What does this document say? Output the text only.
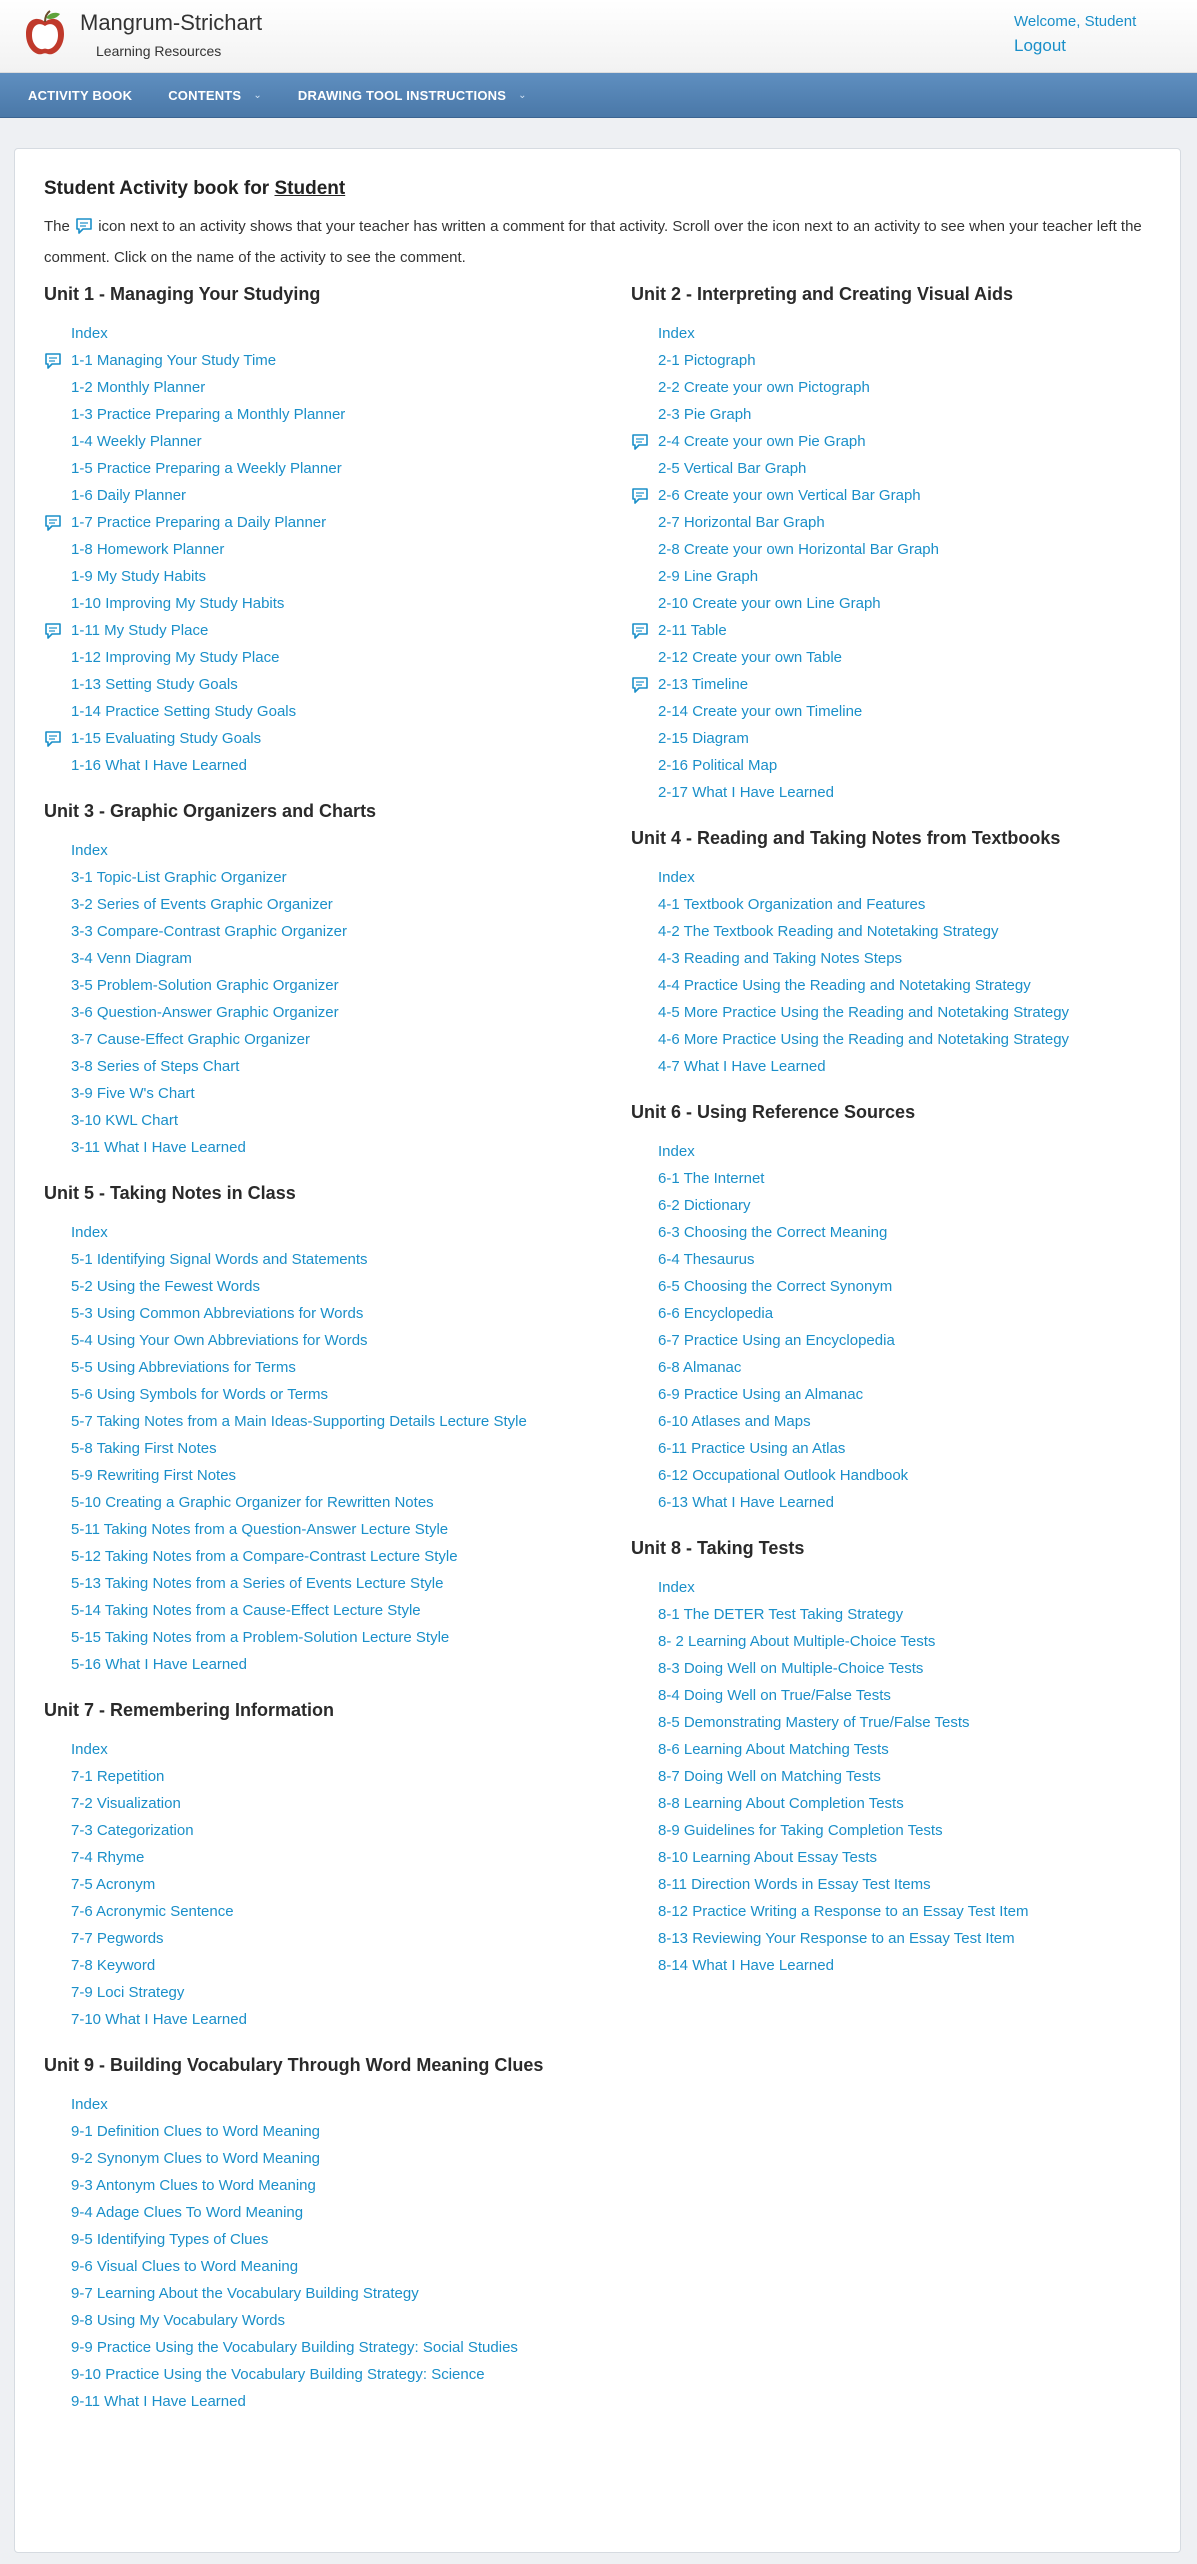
Mangrum-Strichart
Learning Resources
Welcome, Student
Logout
ACTIVITY BOOK	CONTENTS ⌄	DRAWING TOOL INSTRUCTIONS ⌄
Student Activity book for Student
The icon next to an activity shows that your teacher has written a comment for that activity. Scroll over the icon next to an activity to see when your teacher left the comment. Click on the name of the activity to see the comment.
Unit 1 - Managing Your Studying
Index
1-1 Managing Your Study Time
1-2 Monthly Planner
1-3 Practice Preparing a Monthly Planner
1-4 Weekly Planner
1-5 Practice Preparing a Weekly Planner
1-6 Daily Planner
1-7 Practice Preparing a Daily Planner
1-8 Homework Planner
1-9 My Study Habits
1-10 Improving My Study Habits
1-11 My Study Place
1-12 Improving My Study Place
1-13 Setting Study Goals
1-14 Practice Setting Study Goals
1-15 Evaluating Study Goals
1-16 What I Have Learned
Unit 3 - Graphic Organizers and Charts
Index
3-1 Topic-List Graphic Organizer
3-2 Series of Events Graphic Organizer
3-3 Compare-Contrast Graphic Organizer
3-4 Venn Diagram
3-5 Problem-Solution Graphic Organizer
3-6 Question-Answer Graphic Organizer
3-7 Cause-Effect Graphic Organizer
3-8 Series of Steps Chart
3-9 Five W's Chart
3-10 KWL Chart
3-11 What I Have Learned
Unit 5 - Taking Notes in Class
Index
5-1 Identifying Signal Words and Statements
5-2 Using the Fewest Words
5-3 Using Common Abbreviations for Words
5-4 Using Your Own Abbreviations for Words
5-5 Using Abbreviations for Terms
5-6 Using Symbols for Words or Terms
5-7 Taking Notes from a Main Ideas-Supporting Details Lecture Style
5-8 Taking First Notes
5-9 Rewriting First Notes
5-10 Creating a Graphic Organizer for Rewritten Notes
5-11 Taking Notes from a Question-Answer Lecture Style
5-12 Taking Notes from a Compare-Contrast Lecture Style
5-13 Taking Notes from a Series of Events Lecture Style
5-14 Taking Notes from a Cause-Effect Lecture Style
5-15 Taking Notes from a Problem-Solution Lecture Style
5-16 What I Have Learned
Unit 7 - Remembering Information
Index
7-1 Repetition
7-2 Visualization
7-3 Categorization
7-4 Rhyme
7-5 Acronym
7-6 Acronymic Sentence
7-7 Pegwords
7-8 Keyword
7-9 Loci Strategy
7-10 What I Have Learned
Unit 9 - Building Vocabulary Through Word Meaning Clues
Index
9-1 Definition Clues to Word Meaning
9-2 Synonym Clues to Word Meaning
9-3 Antonym Clues to Word Meaning
9-4 Adage Clues To Word Meaning
9-5 Identifying Types of Clues
9-6 Visual Clues to Word Meaning
9-7 Learning About the Vocabulary Building Strategy
9-8 Using My Vocabulary Words
9-9 Practice Using the Vocabulary Building Strategy: Social Studies
9-10 Practice Using the Vocabulary Building Strategy: Science
9-11 What I Have Learned
Unit 2 - Interpreting and Creating Visual Aids
Index
2-1 Pictograph
2-2 Create your own Pictograph
2-3 Pie Graph
2-4 Create your own Pie Graph
2-5 Vertical Bar Graph
2-6 Create your own Vertical Bar Graph
2-7 Horizontal Bar Graph
2-8 Create your own Horizontal Bar Graph
2-9 Line Graph
2-10 Create your own Line Graph
2-11 Table
2-12 Create your own Table
2-13 Timeline
2-14 Create your own Timeline
2-15 Diagram
2-16 Political Map
2-17 What I Have Learned
Unit 4 - Reading and Taking Notes from Textbooks
Index
4-1 Textbook Organization and Features
4-2 The Textbook Reading and Notetaking Strategy
4-3 Reading and Taking Notes Steps
4-4 Practice Using the Reading and Notetaking Strategy
4-5 More Practice Using the Reading and Notetaking Strategy
4-6 More Practice Using the Reading and Notetaking Strategy
4-7 What I Have Learned
Unit 6 - Using Reference Sources
Index
6-1 The Internet
6-2 Dictionary
6-3 Choosing the Correct Meaning
6-4 Thesaurus
6-5 Choosing the Correct Synonym
6-6 Encyclopedia
6-7 Practice Using an Encyclopedia
6-8 Almanac
6-9 Practice Using an Almanac
6-10 Atlases and Maps
6-11 Practice Using an Atlas
6-12 Occupational Outlook Handbook
6-13 What I Have Learned
Unit 8 - Taking Tests
Index
8-1 The DETER Test Taking Strategy
8- 2 Learning About Multiple-Choice Tests
8-3 Doing Well on Multiple-Choice Tests
8-4 Doing Well on True/False Tests
8-5 Demonstrating Mastery of True/False Tests
8-6 Learning About Matching Tests
8-7 Doing Well on Matching Tests
8-8 Learning About Completion Tests
8-9 Guidelines for Taking Completion Tests
8-10 Learning About Essay Tests
8-11 Direction Words in Essay Test Items
8-12 Practice Writing a Response to an Essay Test Item
8-13 Reviewing Your Response to an Essay Test Item
8-14 What I Have Learned
